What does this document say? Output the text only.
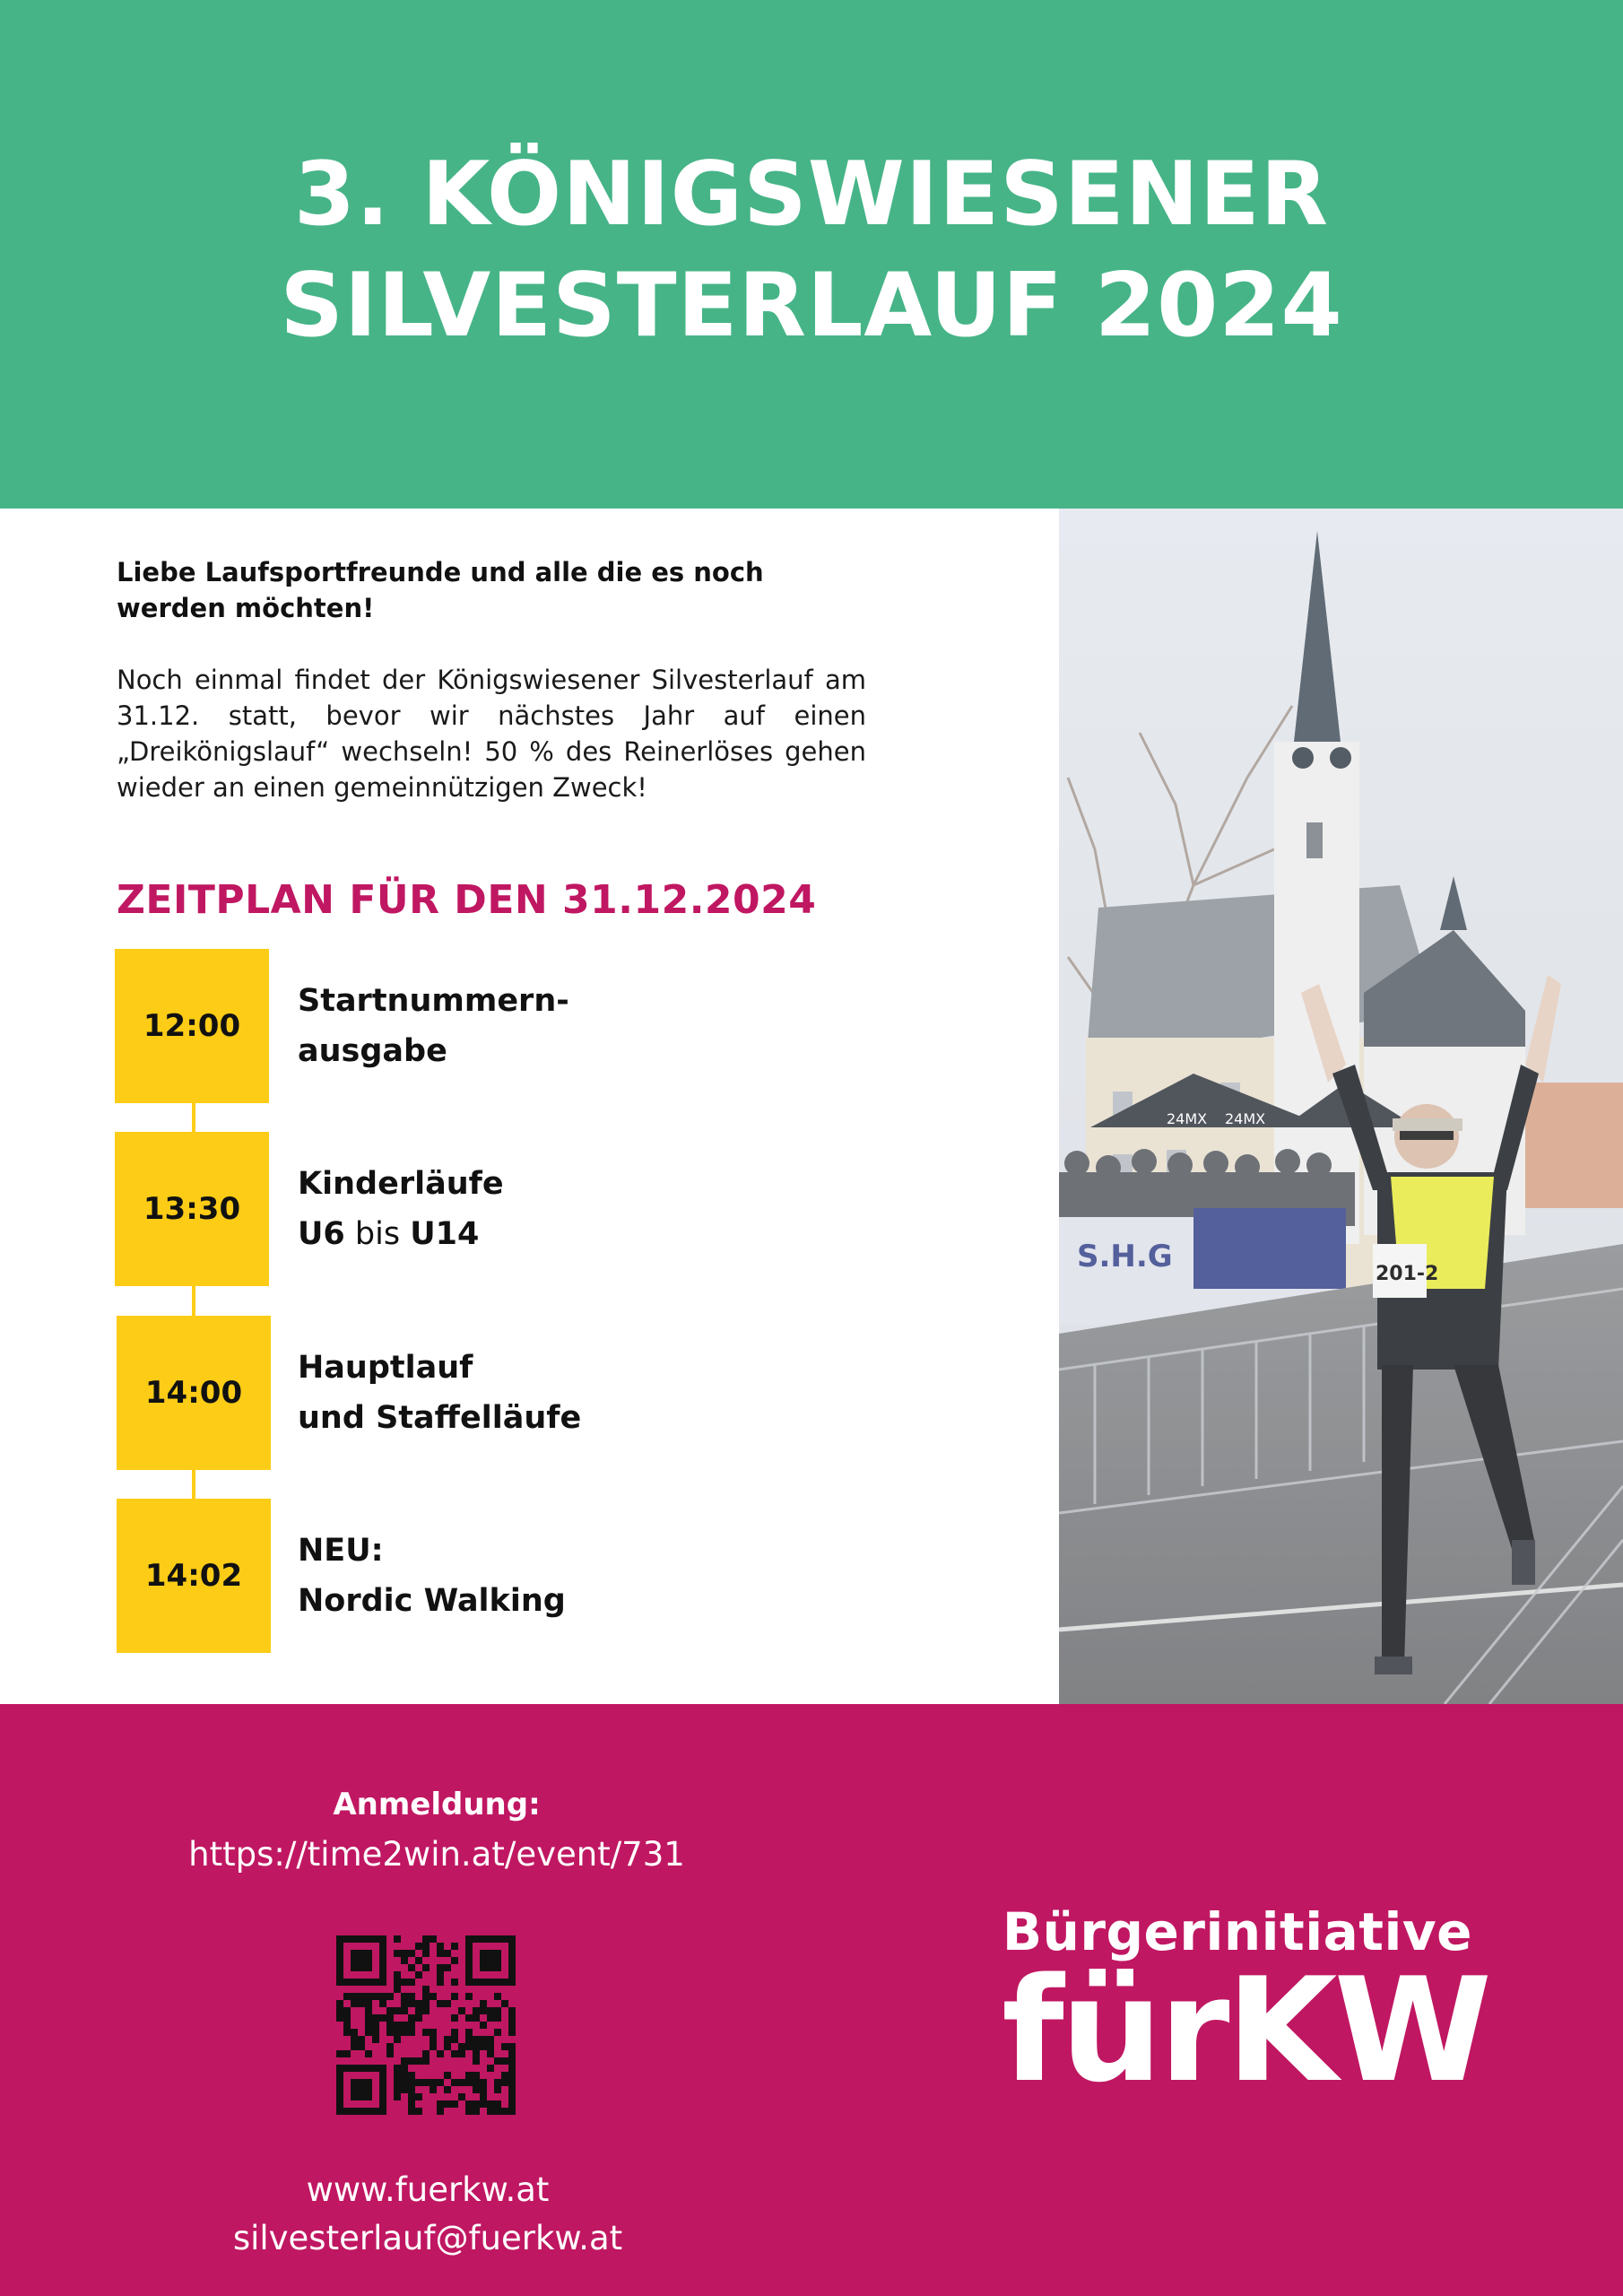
3. KÖNIGSWIESENER
SILVESTERLAUF 2024
Liebe Laufsportfreunde und alle die es noch werden möchten!
Noch einmal findet der Königswiesener Silvesterlauf am 31.12. statt, bevor wir nächstes Jahr auf einen „Dreikönigslauf“ wechseln! 50 % des Reinerlöses gehen wieder an einen gemeinnützigen Zweck!
ZEITPLAN FÜR DEN 31.12.2024
12:00
Startnummern-
ausgabe
13:30
Kinderläufe
U6 bis U14
14:00
Hauptlauf
und Staffelläufe
14:02
NEU:
Nordic Walking
24MX 24MX
S.H.G	201-2
Anmeldung:
https://time2win.at/event/731
www.fuerkw.at
silvesterlauf@fuerkw.at
Bürgerinitiative
fürKW
